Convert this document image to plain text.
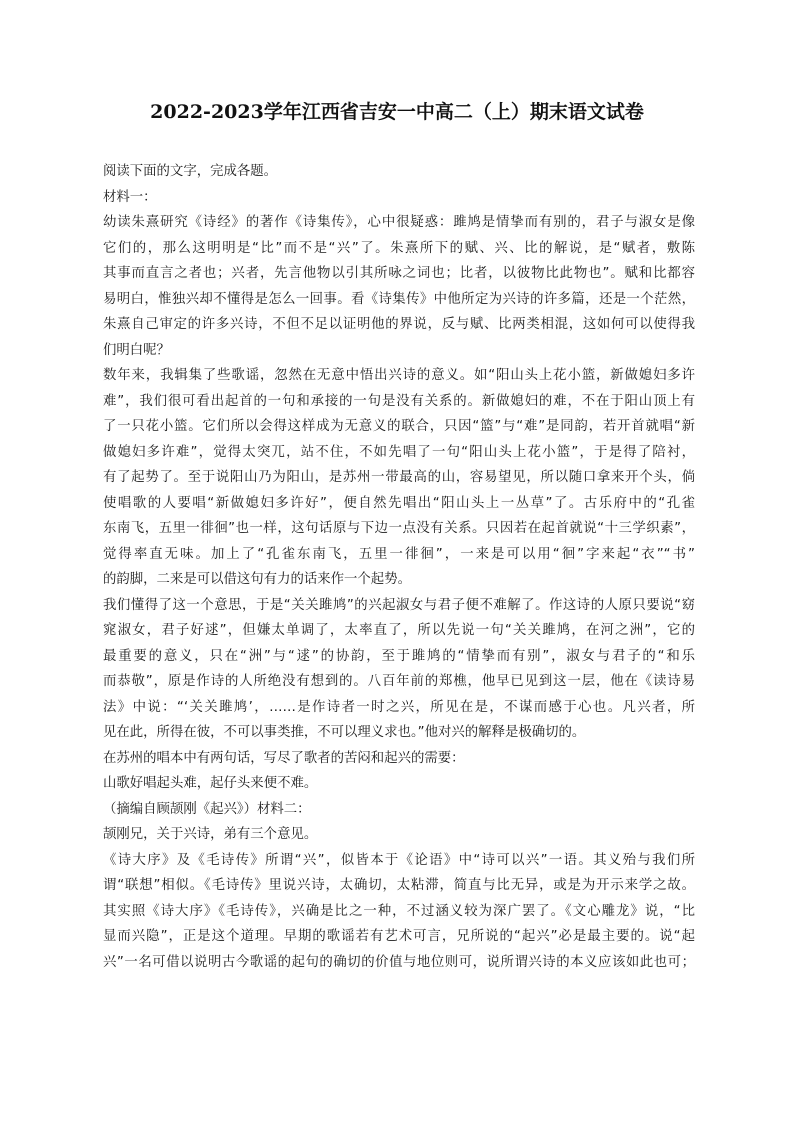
2022-2023学年江西省吉安一中高二（上）期末语文试卷
阅读下面的文字，完成各题。
材料一：
幼读朱熹研究《诗经》的著作《诗集传》，心中很疑惑：雎鸠是情挚而有别的，君子与淑女是像
它们的，那么这明明是“比”而不是“兴”了。朱熹所下的赋、兴、比的解说，是“赋者，敷陈
其事而直言之者也；兴者，先言他物以引其所咏之词也；比者，以彼物比此物也”。赋和比都容
易明白，惟独兴却不懂得是怎么一回事。看《诗集传》中他所定为兴诗的许多篇，还是一个茫然，
朱熹自己审定的许多兴诗，不但不足以证明他的界说，反与赋、比两类相混，这如何可以使得我
们明白呢？
数年来，我辑集了些歌谣，忽然在无意中悟出兴诗的意义。如“阳山头上花小篮，新做媳妇多许
难”，我们很可看出起首的一句和承接的一句是没有关系的。新做媳妇的难，不在于阳山顶上有
了一只花小篮。它们所以会得这样成为无意义的联合，只因“篮”与“难”是同韵，若开首就唱“新
做媳妇多许难”，觉得太突兀，站不住，不如先唱了一句“阳山头上花小篮”，于是得了陪衬，
有了起势了。至于说阳山乃为阳山，是苏州一带最高的山，容易望见，所以随口拿来开个头，倘
使唱歌的人要唱“新做媳妇多许好”，便自然先唱出“阳山头上一丛草”了。古乐府中的“孔雀
东南飞，五里一徘徊”也一样，这句话原与下边一点没有关系。只因若在起首就说“十三学织素”，
觉得率直无味。加上了“孔雀东南飞，五里一徘徊”，一来是可以用“徊”字来起“衣”“书”
的韵脚，二来是可以借这句有力的话来作一个起势。
我们懂得了这一个意思，于是“关关雎鸠”的兴起淑女与君子便不难解了。作这诗的人原只要说“窈
窕淑女，君子好逑”，但嫌太单调了，太率直了，所以先说一句“关关雎鸠，在河之洲”，它的
最重要的意义，只在“洲”与“逑”的协韵，至于雎鸠的“情挚而有别”，淑女与君子的“和乐
而恭敬”，原是作诗的人所绝没有想到的。八百年前的郑樵，他早已见到这一层，他在《读诗易
法》中说：“‘关关雎鸠’，……是作诗者一时之兴，所见在是，不谋而感于心也。凡兴者，所
见在此，所得在彼，不可以事类推，不可以理义求也。”他对兴的解释是极确切的。
在苏州的唱本中有两句话，写尽了歌者的苦闷和起兴的需要：
山歌好唱起头难，起仔头来便不难。
（摘编自顾颉刚《起兴》）材料二：
颉刚兄，关于兴诗，弟有三个意见。
《诗大序》及《毛诗传》所谓“兴”，似皆本于《论语》中“诗可以兴”一语。其义殆与我们所
谓“联想”相似。《毛诗传》里说兴诗，太确切，太粘滞，简直与比无异，或是为开示来学之故。
其实照《诗大序》《毛诗传》，兴确是比之一种，不过涵义较为深广罢了。《文心雕龙》说，“比
显而兴隐”，正是这个道理。早期的歌谣若有艺术可言，兄所说的“起兴”必是最主要的。说“起
兴”一名可借以说明古今歌谣的起句的确切的价值与地位则可，说所谓兴诗的本义应该如此也可；
